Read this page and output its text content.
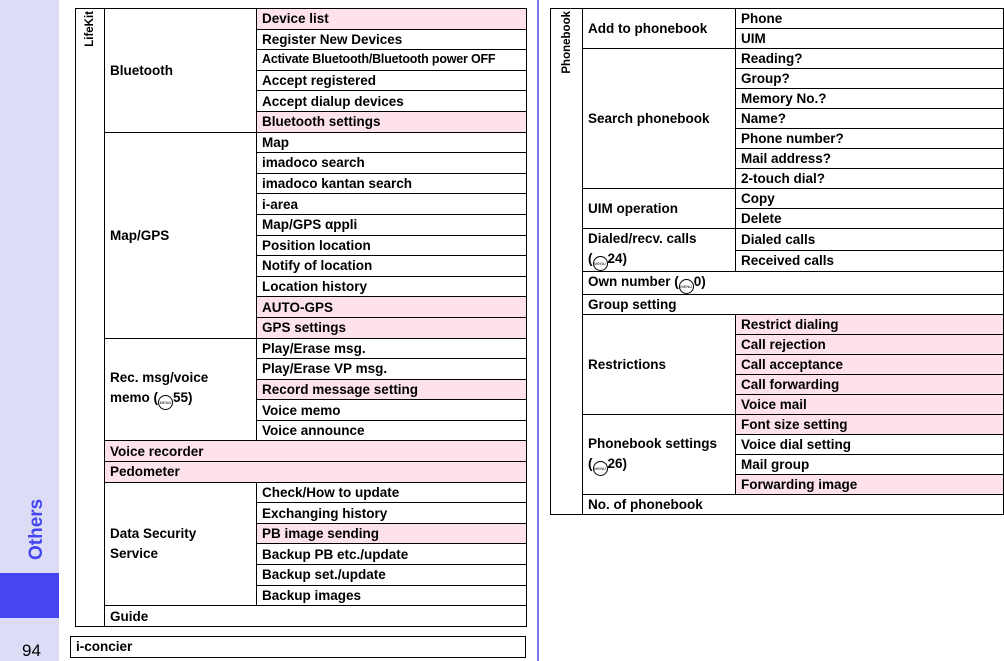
Others
94
LifeKit	Bluetooth	Device list
		Register New Devices
		Activate Bluetooth/Bluetooth power OFF
		Accept registered
		Accept dialup devices
		Bluetooth settings
	Map/GPS	Map
		imadoco search
		imadoco kantan search
		i-area
		Map/GPS αppli
		Position location
		Notify of location
		Location history
		AUTO-GPS
		GPS settings
	Rec. msg/voice
memo ( MENU 55)	Play/Erase msg.
		Play/Erase VP msg.
		Record message setting
		Voice memo
		Voice announce
	Voice recorder	
	Pedometer	
	Data Security
Service	Check/How to update
		Exchanging history
		PB image sending
		Backup PB etc./update
		Backup set./update
		Backup images
	Guide	
i-concier
Phonebook	Add to phonebook	Phone
		UIM
	Search phonebook	Reading?
		Group?
		Memory No.?
		Name?
		Phone number?
		Mail address?
		2-touch dial?
	UIM operation	Copy
		Delete
	Dialed/recv. calls
( MENU 24)	Dialed calls
		Received calls
	Own number ( MENU 0)	
	Group setting	
	Restrictions	Restrict dialing
		Call rejection
		Call acceptance
		Call forwarding
		Voice mail
	Phonebook settings
( MENU 26)	Font size setting
		Voice dial setting
		Mail group
		Forwarding image
	No. of phonebook	
